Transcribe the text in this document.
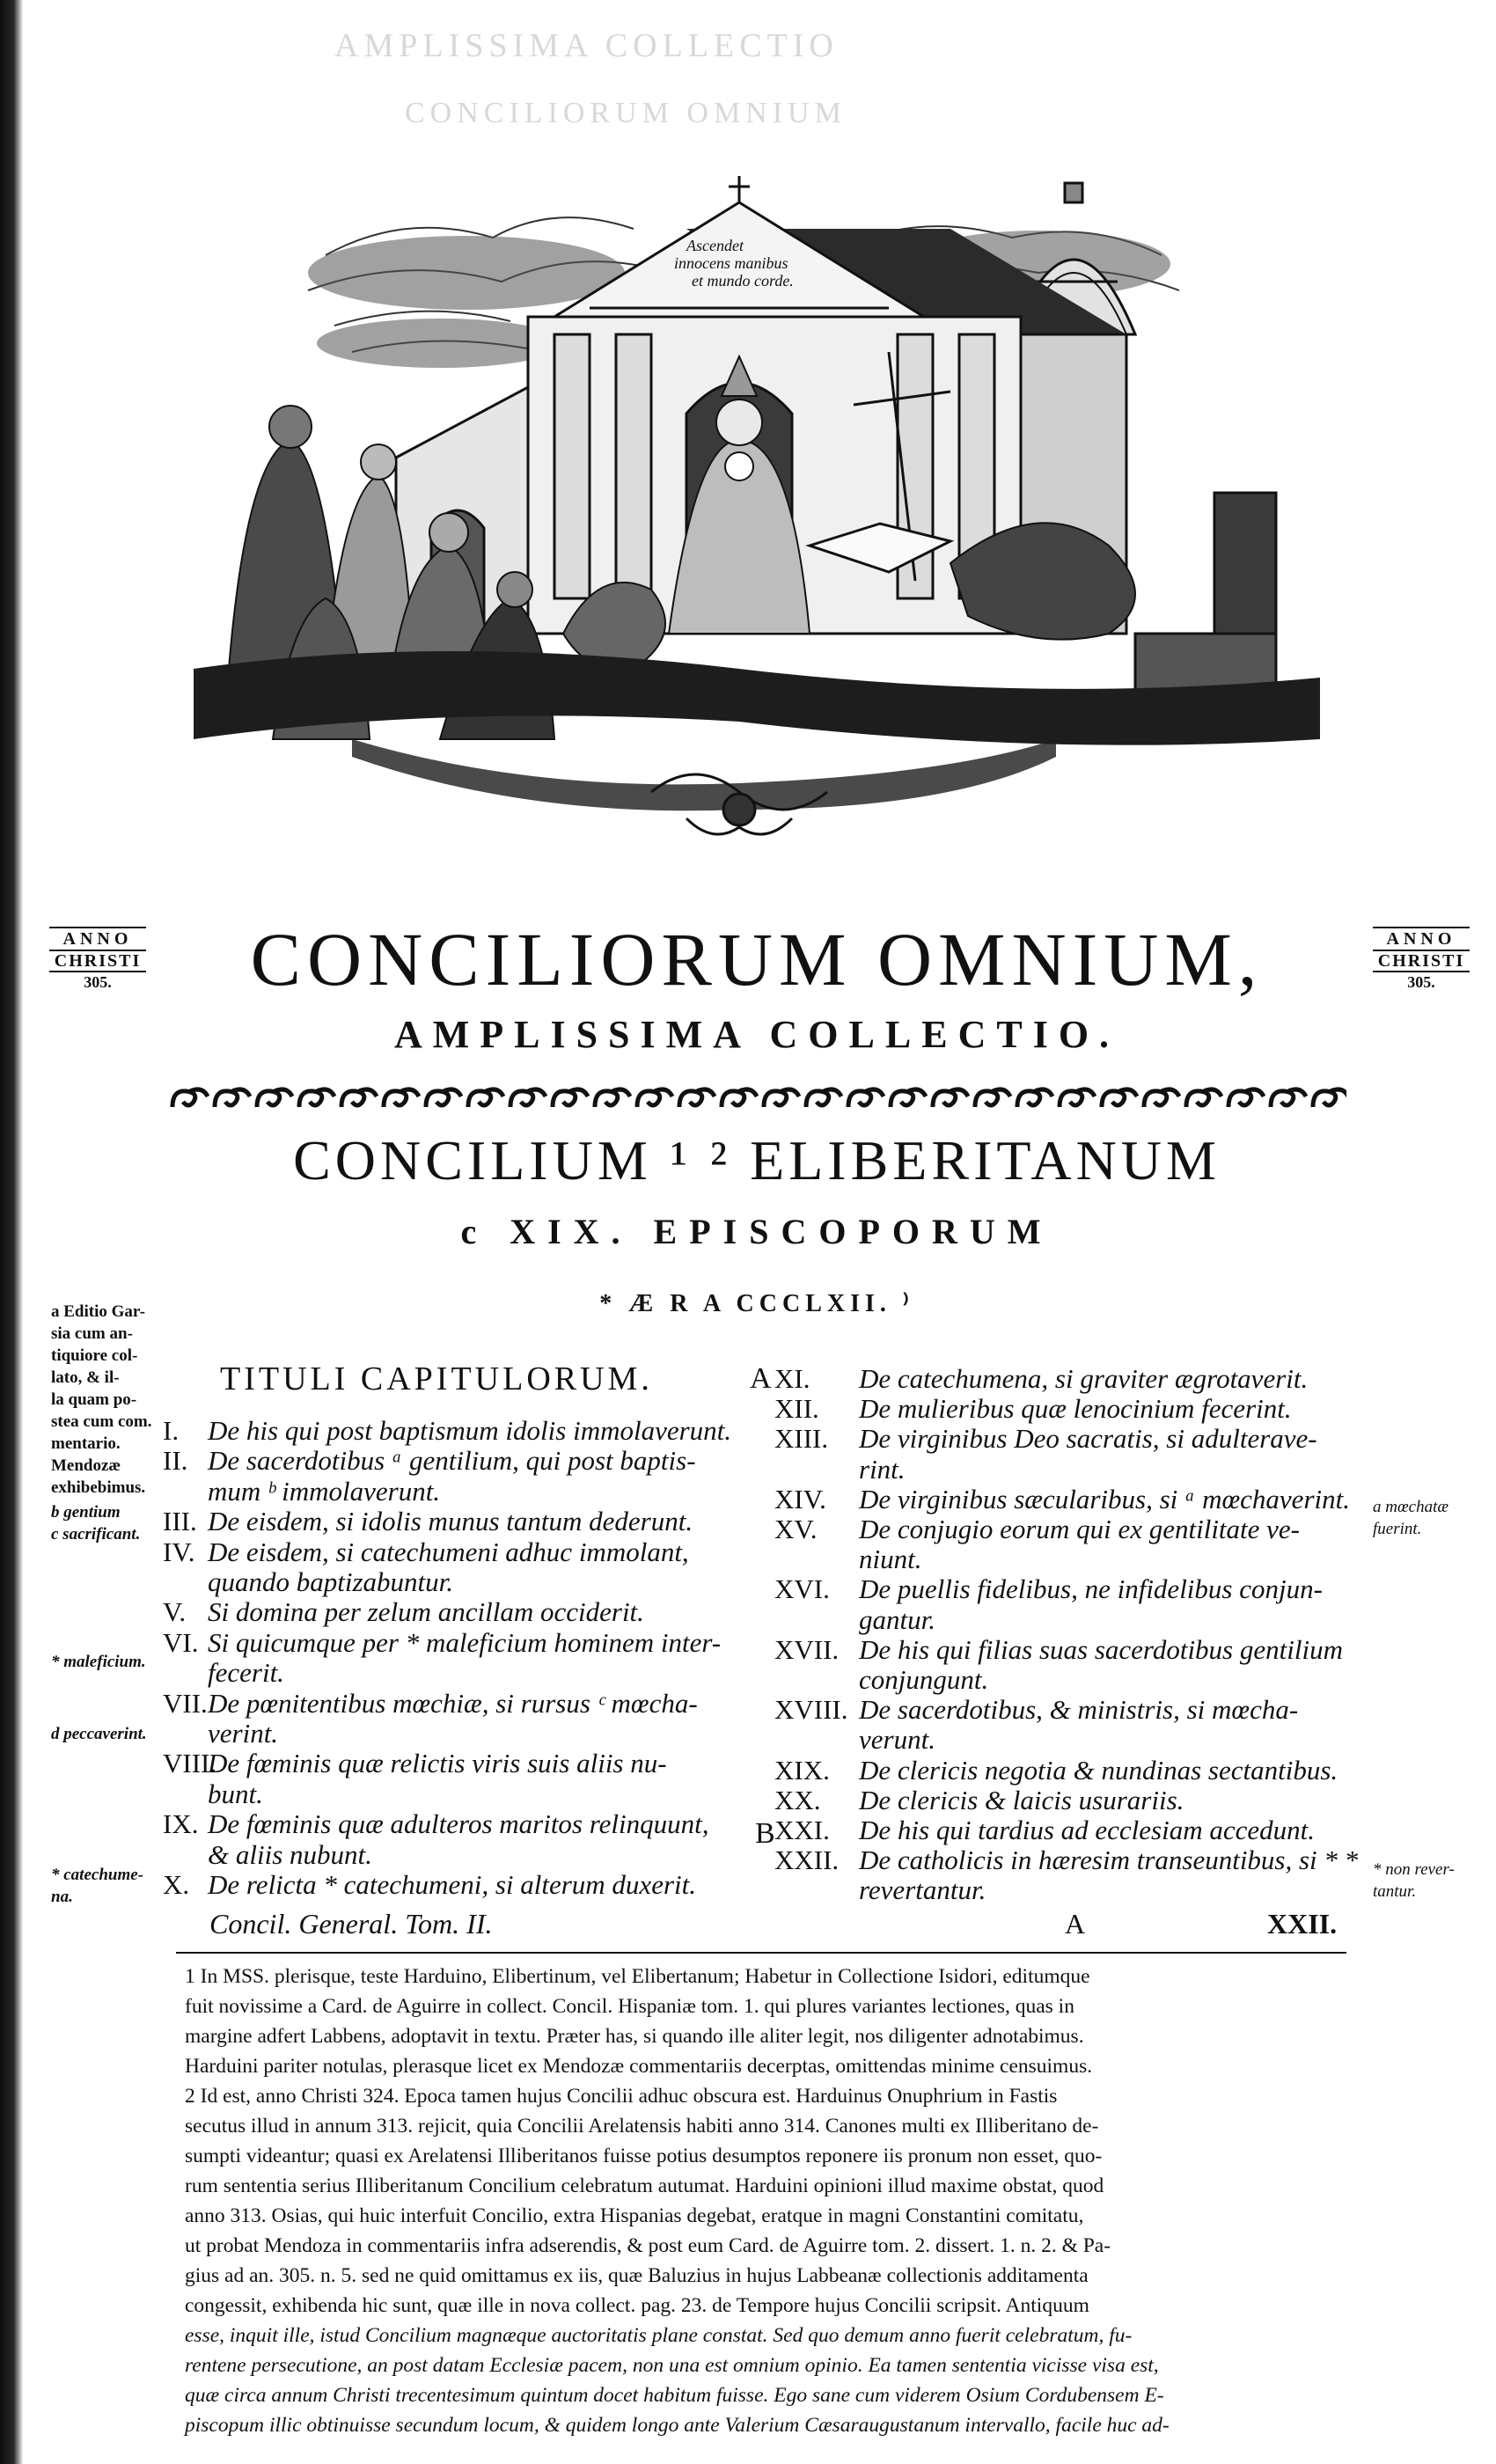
AMPLISSIMA COLLECTIO
CONCILIORUM OMNIUM
Ascendet
innocens manibus
et mundo corde.
ANNO
CHRISTI
305.
ANNO
CHRISTI
305.
CONCILIORUM OMNIUM,
AMPLISSIMA COLLECTIO.
CONCILIUM ¹ ² ELIBERITANUM
c XIX. EPISCOPORUM
* Æ R A CCCLXII. ⁾
a Editio Gar-
sia cum an-
tiquiore col-
lato, & il-
la quam po-
stea cum com.
mentario.
Mendozæ
exhibebimus.
b gentium
c sacrificant.
* maleficium.
d peccaverint.
* catechume-
na.
a mœchatæ
fuerint.
* non rever-
tantur.
TITULI CAPITULORUM.	A
B
I. De his qui post baptismum idolis immolaverunt.
II. De sacerdotibus ᵃ gentilium, qui post baptis-
mum ᵇ immolaverunt.
III. De eisdem, si idolis munus tantum dederunt.
IV. De eisdem, si catechumeni adhuc immolant,
quando baptizabuntur.
V. Si domina per zelum ancillam occiderit.
VI. Si quicumque per * maleficium hominem inter-
fecerit.
VII.De pœnitentibus mœchiæ, si rursus ᶜ mœcha-
verint.
VIII.De fœminis quæ relictis viris suis aliis nu-
bunt.
IX. De fœminis quæ adulteros maritos relinquunt,
& aliis nubunt.
X. De relicta * catechumeni, si alterum duxerit.
XI. De catechumena, si graviter ægrotaverit.
XII. De mulieribus quæ lenocinium fecerint.
XIII. De virginibus Deo sacratis, si adulterave-
rint.
XIV. De virginibus sæcularibus, si ᵃ mœchaverint.
XV. De conjugio eorum qui ex gentilitate ve-
niunt.
XVI. De puellis fidelibus, ne infidelibus conjun-
gantur.
XVII. De his qui filias suas sacerdotibus gentilium
conjungunt.
XVIII. De sacerdotibus, & ministris, si mœcha-
verunt.
XIX. De clericis negotia & nundinas sectantibus.
XX. De clericis & laicis usurariis.
XXI. De his qui tardius ad ecclesiam accedunt.
XXII. De catholicis in hæresim transeuntibus, si * *
revertantur.
Concil. General. Tom. II.	A	XXII.
1 In MSS. plerisque, teste Harduino, Elibertinum, vel Elibertanum; Habetur in Collectione Isidori, editumque
fuit novissime a Card. de Aguirre in collect. Concil. Hispaniæ tom. 1. qui plures variantes lectiones, quas in
margine adfert Labbens, adoptavit in textu. Præter has, si quando ille aliter legit, nos diligenter adnotabimus.
Harduini pariter notulas, plerasque licet ex Mendozæ commentariis decerptas, omittendas minime censuimus.
2 Id est, anno Christi 324. Epoca tamen hujus Concilii adhuc obscura est. Harduinus Onuphrium in Fastis
secutus illud in annum 313. rejicit, quia Concilii Arelatensis habiti anno 314. Canones multi ex Illiberitano de-
sumpti videantur; quasi ex Arelatensi Illiberitanos fuisse potius desumptos reponere iis pronum non esset, quo-
rum sententia serius Illiberitanum Concilium celebratum autumat. Harduini opinioni illud maxime obstat, quod
anno 313. Osias, qui huic interfuit Concilio, extra Hispanias degebat, eratque in magni Constantini comitatu,
ut probat Mendoza in commentariis infra adserendis, & post eum Card. de Aguirre tom. 2. dissert. 1. n. 2. & Pa-
gius ad an. 305. n. 5. sed ne quid omittamus ex iis, quæ Baluzius in hujus Labbeanæ collectionis additamenta
congessit, exhibenda hic sunt, quæ ille in nova collect. pag. 23. de Tempore hujus Concilii scripsit. Antiquum
esse, inquit ille, istud Concilium magnæque auctoritatis plane constat. Sed quo demum anno fuerit celebratum, fu-
rentene persecutione, an post datam Ecclesiæ pacem, non una est omnium opinio. Ea tamen sententia vicisse visa est,
quæ circa annum Christi trecentesimum quintum docet habitum fuisse. Ego sane cum viderem Osium Cordubensem E-
piscopum illic obtinuisse secundum locum, & quidem longo ante Valerium Cæsaraugustanum intervallo, facile huc ad-
